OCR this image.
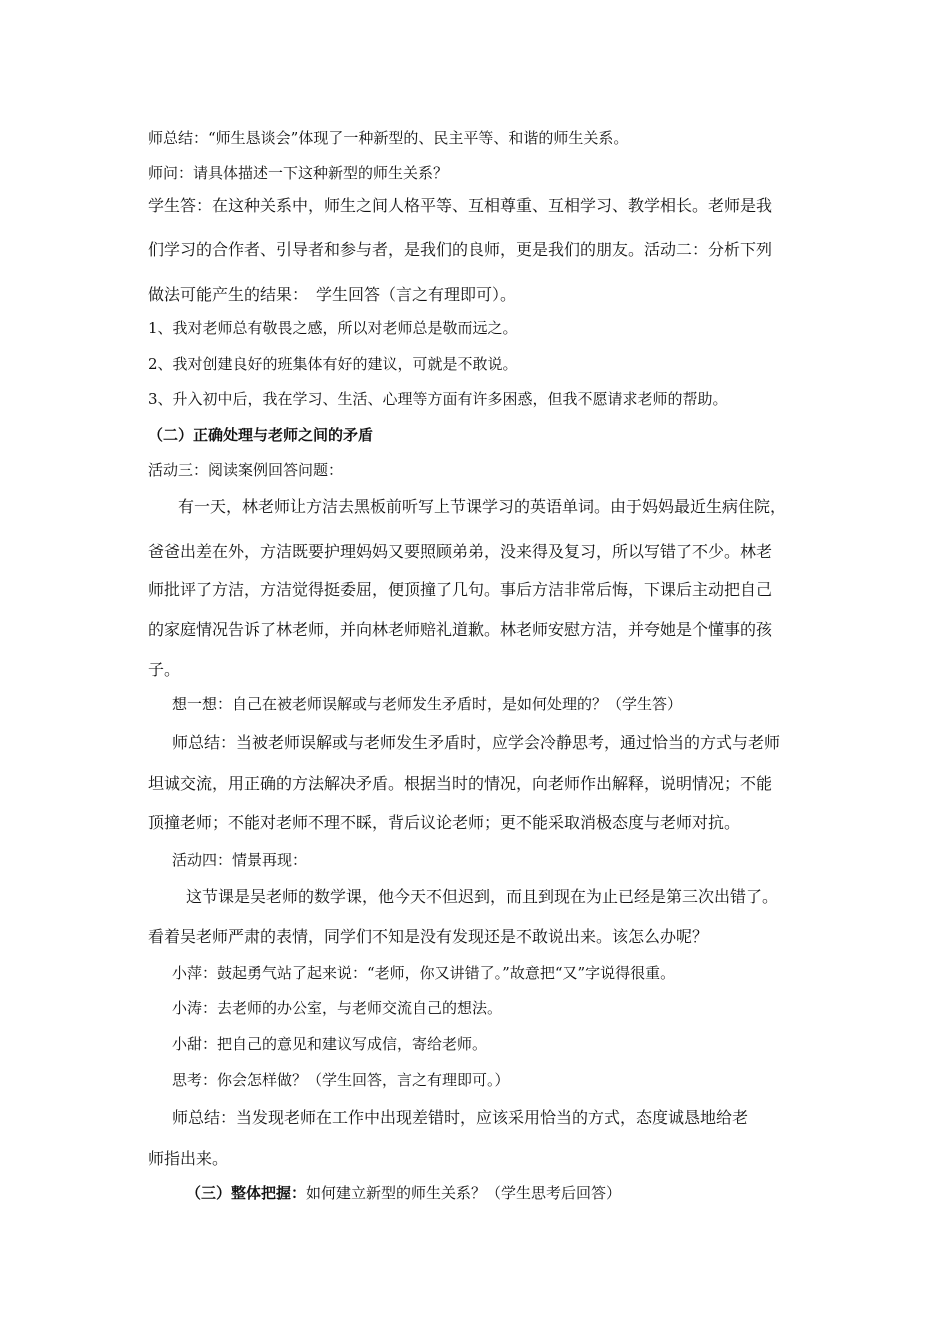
师总结：“师生恳谈会”体现了一种新型的、民主平等、和谐的师生关系。
师问：请具体描述一下这种新型的师生关系？
学生答：在这种关系中，师生之间人格平等、互相尊重、互相学习、教学相长。老师是我
们学习的合作者、引导者和参与者，是我们的良师，更是我们的朋友。活动二：分析下列
做法可能产生的结果：　学生回答（言之有理即可）。
1、我对老师总有敬畏之感，所以对老师总是敬而远之。
2、我对创建良好的班集体有好的建议，可就是不敢说。
3、升入初中后，我在学习、生活、心理等方面有许多困惑，但我不愿请求老师的帮助。
（二）正确处理与老师之间的矛盾
活动三：阅读案例回答问题：
有一天，林老师让方洁去黑板前听写上节课学习的英语单词。由于妈妈最近生病住院，
爸爸出差在外，方洁既要护理妈妈又要照顾弟弟，没来得及复习，所以写错了不少。林老
师批评了方洁，方洁觉得挺委屈，便顶撞了几句。事后方洁非常后悔，下课后主动把自己
的家庭情况告诉了林老师，并向林老师赔礼道歉。林老师安慰方洁，并夸她是个懂事的孩
子。
想一想：自己在被老师误解或与老师发生矛盾时，是如何处理的？（学生答）
师总结：当被老师误解或与老师发生矛盾时，应学会冷静思考，通过恰当的方式与老师
坦诚交流，用正确的方法解决矛盾。根据当时的情况，向老师作出解释，说明情况；不能
顶撞老师；不能对老师不理不睬，背后议论老师；更不能采取消极态度与老师对抗。
活动四：情景再现：
这节课是吴老师的数学课，他今天不但迟到，而且到现在为止已经是第三次出错了。
看着吴老师严肃的表情，同学们不知是没有发现还是不敢说出来。该怎么办呢？
小萍：鼓起勇气站了起来说：“老师，你又讲错了。”故意把“又”字说得很重。
小涛：去老师的办公室，与老师交流自己的想法。
小甜：把自己的意见和建议写成信，寄给老师。
思考：你会怎样做？（学生回答，言之有理即可。）
师总结：当发现老师在工作中出现差错时，应该采用恰当的方式，态度诚恳地给老
师指出来。
（三）整体把握：如何建立新型的师生关系？（学生思考后回答）
